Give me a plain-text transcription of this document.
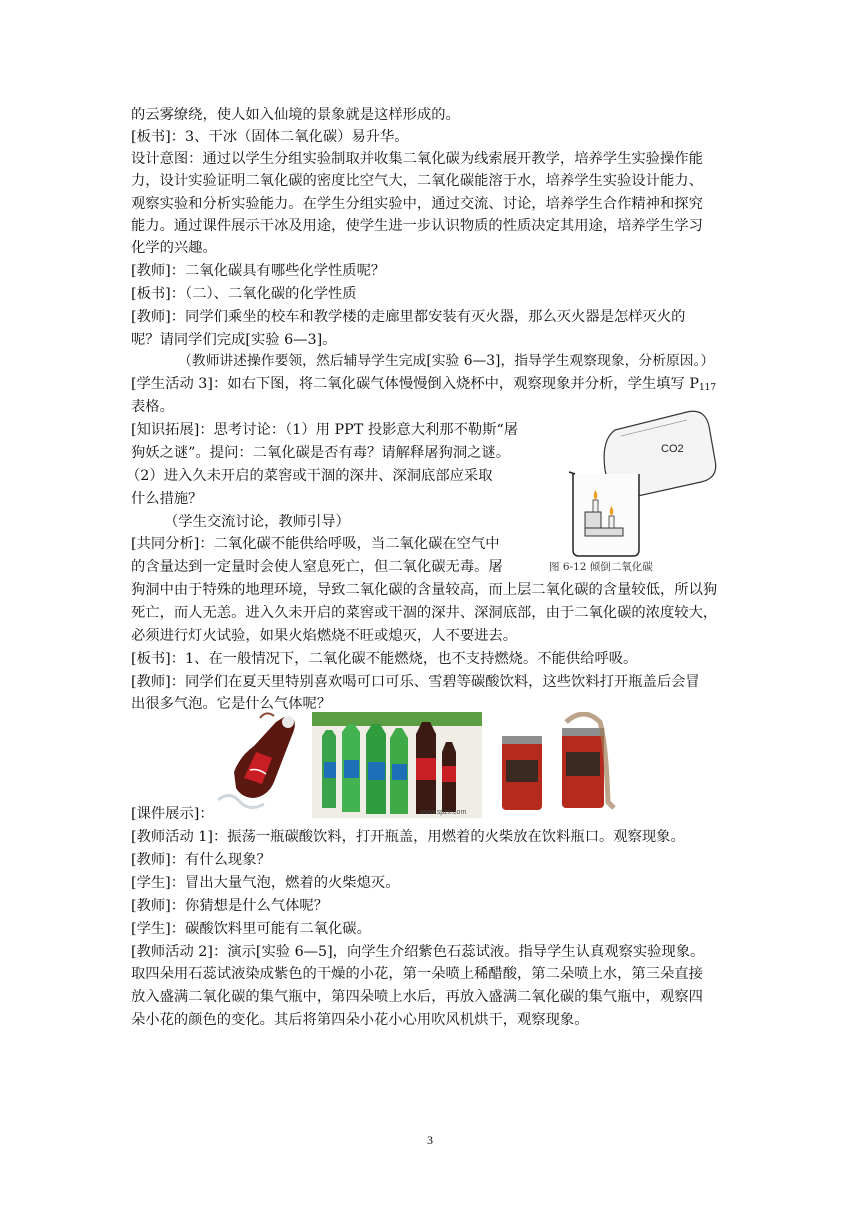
的云雾缭绕，使人如入仙境的景象就是这样形成的。
[板书]：3、干冰（固体二氧化碳）易升华。
设计意图：通过以学生分组实验制取并收集二氧化碳为线索展开教学，培养学生实验操作能
力，设计实验证明二氧化碳的密度比空气大，二氧化碳能溶于水，培养学生实验设计能力、
观察实验和分析实验能力。在学生分组实验中，通过交流、讨论，培养学生合作精神和探究
能力。通过课件展示干冰及用途，使学生进一步认识物质的性质决定其用途，培养学生学习
化学的兴趣。
[教师]：二氧化碳具有哪些化学性质呢？
[板书]：（二）、二氧化碳的化学性质
[教师]：同学们乘坐的校车和教学楼的走廊里都安装有灭火器，那么灭火器是怎样灭火的
呢？请同学们完成[实验 6—3]。
（教师讲述操作要领，然后辅导学生完成[实验 6—3]，指导学生观察现象，分析原因。）
[学生活动 3]：如右下图，将二氧化碳气体慢慢倒入烧杯中，观察现象并分析，学生填写 $P_{117}$
表格。
[知识拓展]：思考讨论：（1）用 PPT 投影意大利那不勒斯“屠
狗妖之谜”。提问：二氧化碳是否有毒？请解释屠狗洞之谜。
（2）进入久未开启的菜窖或干涸的深井、深洞底部应采取
什么措施？
（学生交流讨论，教师引导）
[共同分析]：二氧化碳不能供给呼吸，当二氧化碳在空气中
的含量达到一定量时会使人窒息死亡，但二氧化碳无毒。屠
狗洞中由于特殊的地理环境，导致二氧化碳的含量较高，而上层二氧化碳的含量较低，所以狗
死亡，而人无恙。进入久未开启的菜窖或干涸的深井、深洞底部，由于二氧化碳的浓度较大，
必须进行灯火试验，如果火焰燃烧不旺或熄灭，人不要进去。
[板书]：1、在一般情况下，二氧化碳不能燃烧，也不支持燃烧。不能供给呼吸。
[教师]：同学们在夏天里特别喜欢喝可口可乐、雪碧等碳酸饮料，这些饮料打开瓶盖后会冒
出很多气泡。它是什么气体呢？
[课件展示]：
[教师活动 1]：振荡一瓶碳酸饮料，打开瓶盖，用燃着的火柴放在饮料瓶口。观察现象。
[教师]：有什么现象？
[学生]：冒出大量气泡，燃着的火柴熄灭。
[教师]：你猜想是什么气体呢？
[学生]：碳酸饮料里可能有二氧化碳。
[教师活动 2]：演示[实验 6—5]，向学生介绍紫色石蕊试液。指导学生认真观察实验现象。
取四朵用石蕊试液染成紫色的干燥的小花，第一朵喷上稀醋酸，第二朵喷上水，第三朵直接
放入盛满二氧化碳的集气瓶中，第四朵喷上水后，再放入盛满二氧化碳的集气瓶中，观察四
朵小花的颜色的变化。其后将第四朵小花小心用吹风机烘干，观察现象。
CO2
图 6-12 倾倒二氧化碳
www.spzx.com
3
